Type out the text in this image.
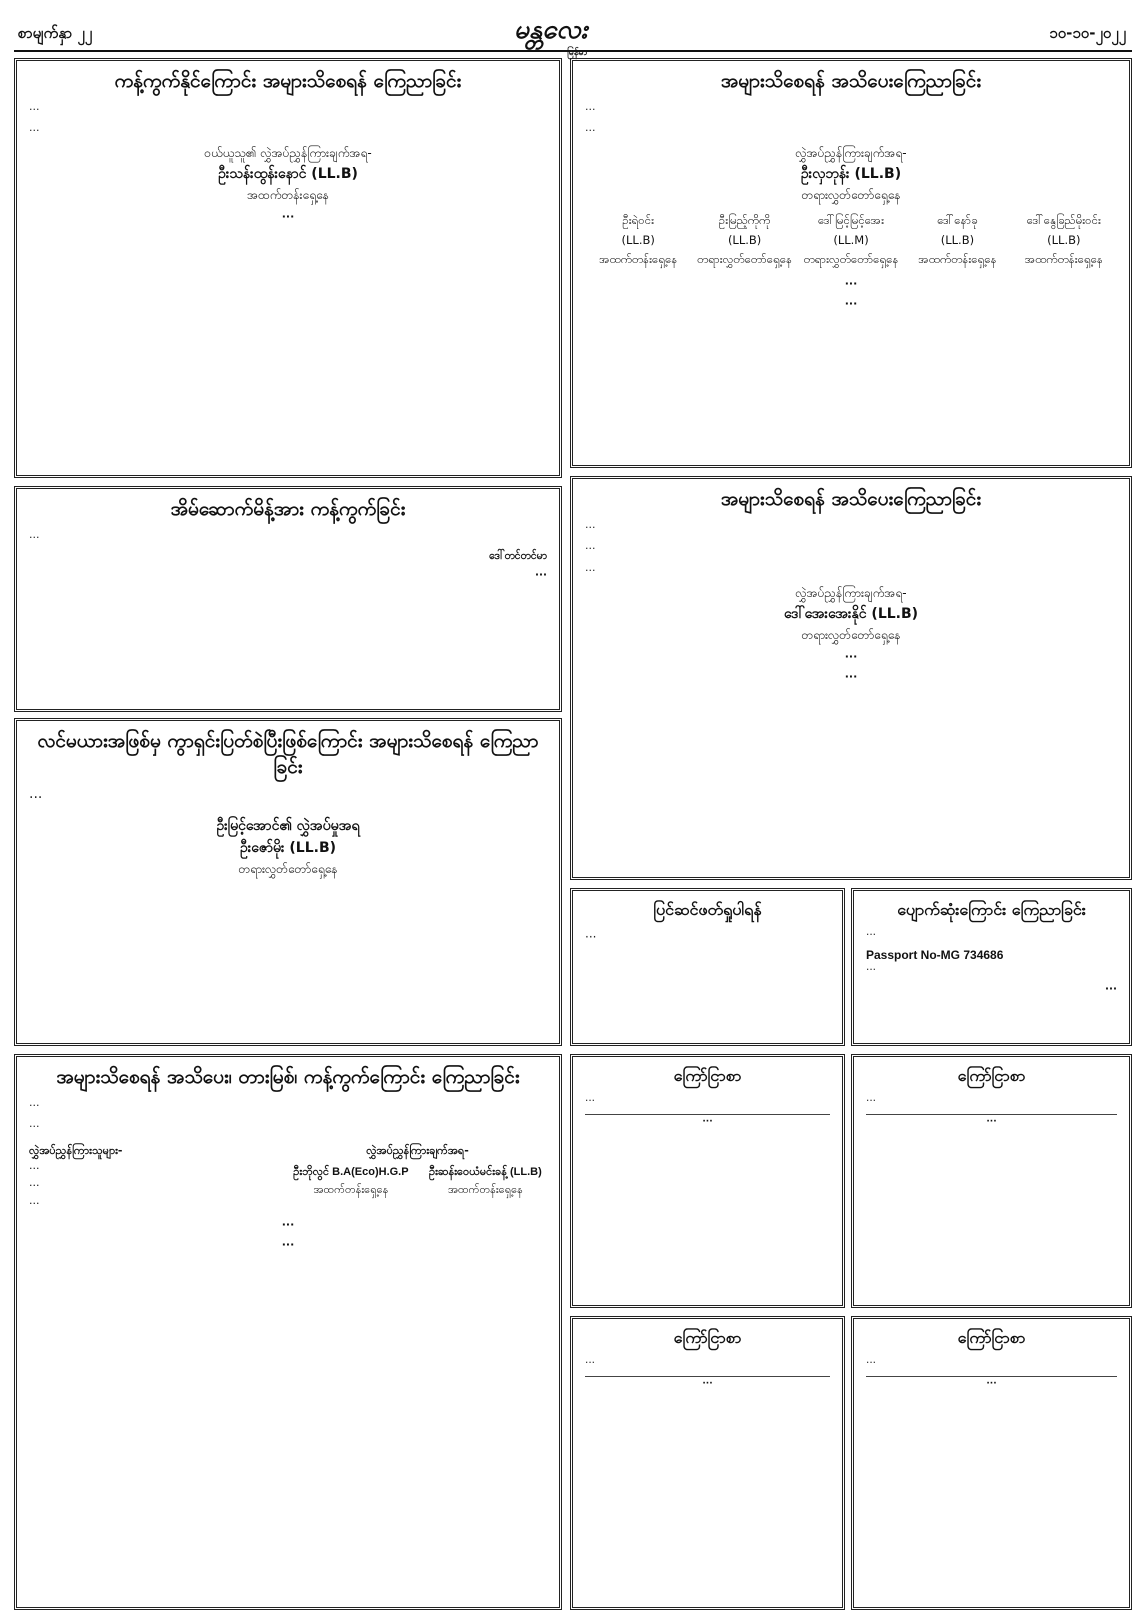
စာမျက်နှာ ၂၂	မန္တလေး
မြန်မာ
၁၀-၁၀-၂၀၂၂
ကန့်ကွက်နိုင်ကြောင်း အများသိစေရန် ကြေညာခြင်း

···

···

ဝယ်ယူသူ၏ လွှဲအပ်ညွှန်ကြားချက်အရ-
ဦးသန်းထွန်းနောင် (LL.B)
အထက်တန်းရှေ့နေ
···
အများသိစေရန် အသိပေးကြေညာခြင်း

···

···

လွှဲအပ်ညွှန်ကြားချက်အရ-
ဦးလှဘုန်း (LL.B)
တရားလွှတ်တော်ရှေ့နေ
ဦးရဲဝင်း
(LL.B)
အထက်တန်းရှေ့နေ
ဦးမြည့်ကိုကို
(LL.B)
တရားလွှတ်တော်ရှေ့နေ
ဒေါ်မြင့်မြင့်အေး
(LL.M)
တရားလွှတ်တော်ရှေ့နေ
ဒေါ်နော်ခု
(LL.B)
အထက်တန်းရှေ့နေ
ဒေါ်နွေခြည်မိုးဝင်း
(LL.B)
အထက်တန်းရှေ့နေ
···
···
အိမ်ဆောက်မိန့်အား ကန့်ကွက်ခြင်း

···

ဒေါ်တင်တင်မာ
···
အများသိစေရန် အသိပေးကြေညာခြင်း

···

···

···

လွှဲအပ်ညွှန်ကြားချက်အရ-
ဒေါ်အေးအေးနိုင် (LL.B)
တရားလွှတ်တော်ရှေ့နေ
···
···
လင်မယားအဖြစ်မှ ကွာရှင်းပြတ်စဲပြီးဖြစ်ကြောင်း အများသိစေရန် ကြေညာခြင်း

···

ဦးမြင့်အောင်၏ လွှဲအပ်မှုအရ
ဦးဇော်မိုး (LL.B)
တရားလွှတ်တော်ရှေ့နေ
ပြင်ဆင်ဖတ်ရှုပါရန်

···

ပျောက်ဆုံးကြောင်း ကြေညာခြင်း

···

Passport No-MG 734686

···

···
အများသိစေရန် အသိပေး၊ တားမြစ်၊ ကန့်ကွက်ကြောင်း ကြေညာခြင်း

···

···

လွှဲအပ်ညွှန်ကြားသူများ-
···
···
···
လွှဲအပ်ညွှန်ကြားချက်အရ-
ဦးဘိုလွင် B.A(Eco)H.G.P
အထက်တန်းရှေ့နေ
ဦးဆန်းဝေယံမင်းခန့် (LL.B)
အထက်တန်းရှေ့နေ
···
···
ကြော်ငြာစာ

···

···
ကြော်ငြာစာ

···

···
ကြော်ငြာစာ

···

···
ကြော်ငြာစာ

···

···
